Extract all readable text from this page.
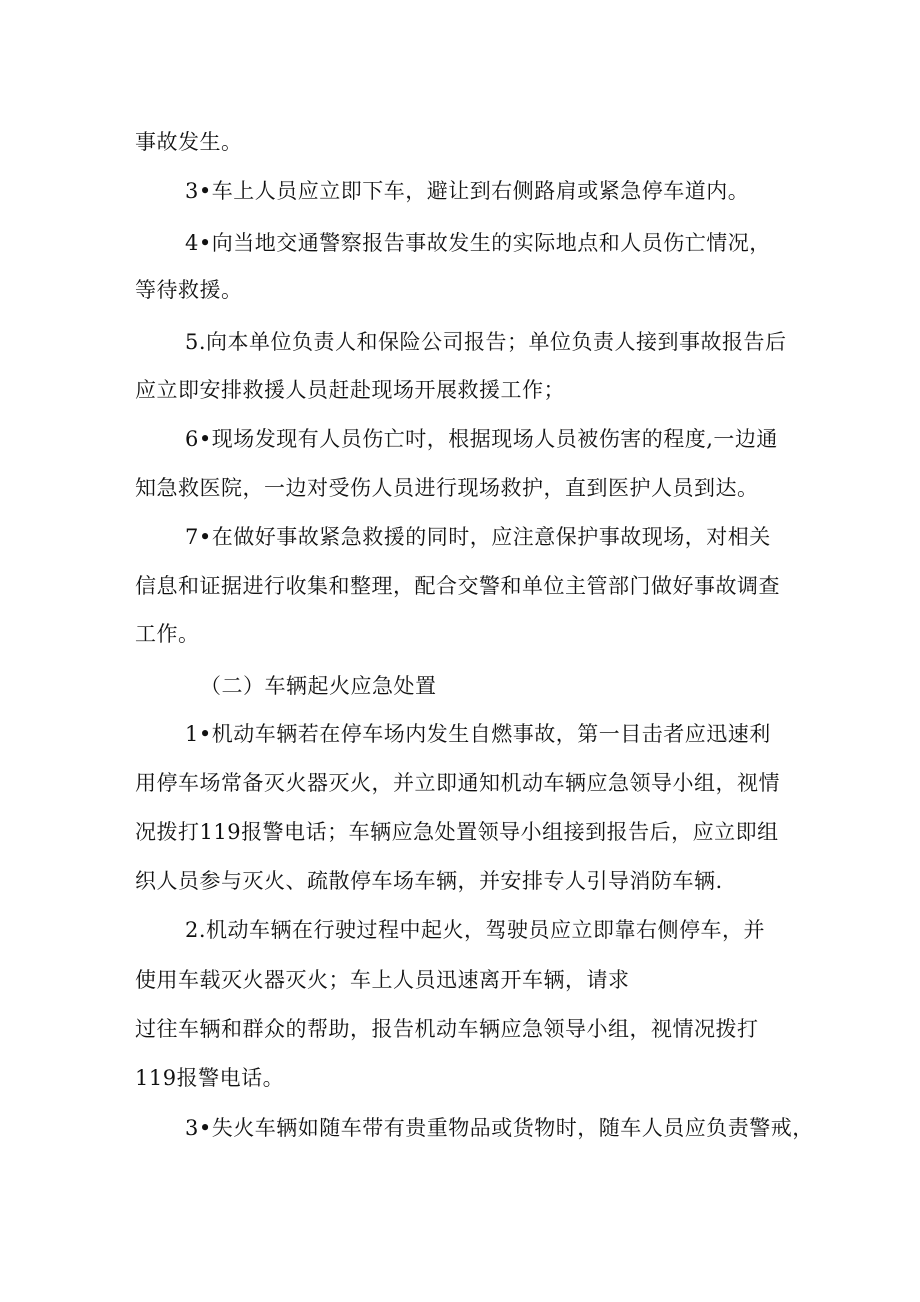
事故发生。
3•车上人员应立即下车，避让到右侧路肩或紧急停车道内。
4•向当地交通警察报告事故发生的实际地点和人员伤亡情况，
等待救援。
5.向本单位负责人和保险公司报告；单位负责人接到事故报告后
应立即安排救援人员赶赴现场开展救援工作；
6•现场发现有人员伤亡吋，根据现场人员被伤害的程度,一边通
知急救医院，一边对受伤人员进行现场救护，直到医护人员到达。
7•在做好事故紧急救援的同时，应注意保护事故现场，对相关
信息和证据进行收集和整理，配合交警和单位主管部门做好事故调查
工作。
（二）车辆起火应急处置
1•机动车辆若在停车场内发生自燃事故，第一目击者应迅速利
用停车场常备灭火器灭火，并立即通知机动车辆应急领导小组，视情
况拨打119报警电话；车辆应急处置领导小组接到报告后，应立即组
织人员参与灭火、疏散停车场车辆，并安排专人引导消防车辆.
2.机动车辆在行驶过程中起火，驾驶员应立即靠右侧停车，并
使用车载灭火器灭火；车上人员迅速离开车辆，请求
过往车辆和群众的帮助，报告机动车辆应急领导小组，视情况拨打
119报警电话。
3•失火车辆如随车带有贵重物品或货物时，随车人员应负责警戒，
